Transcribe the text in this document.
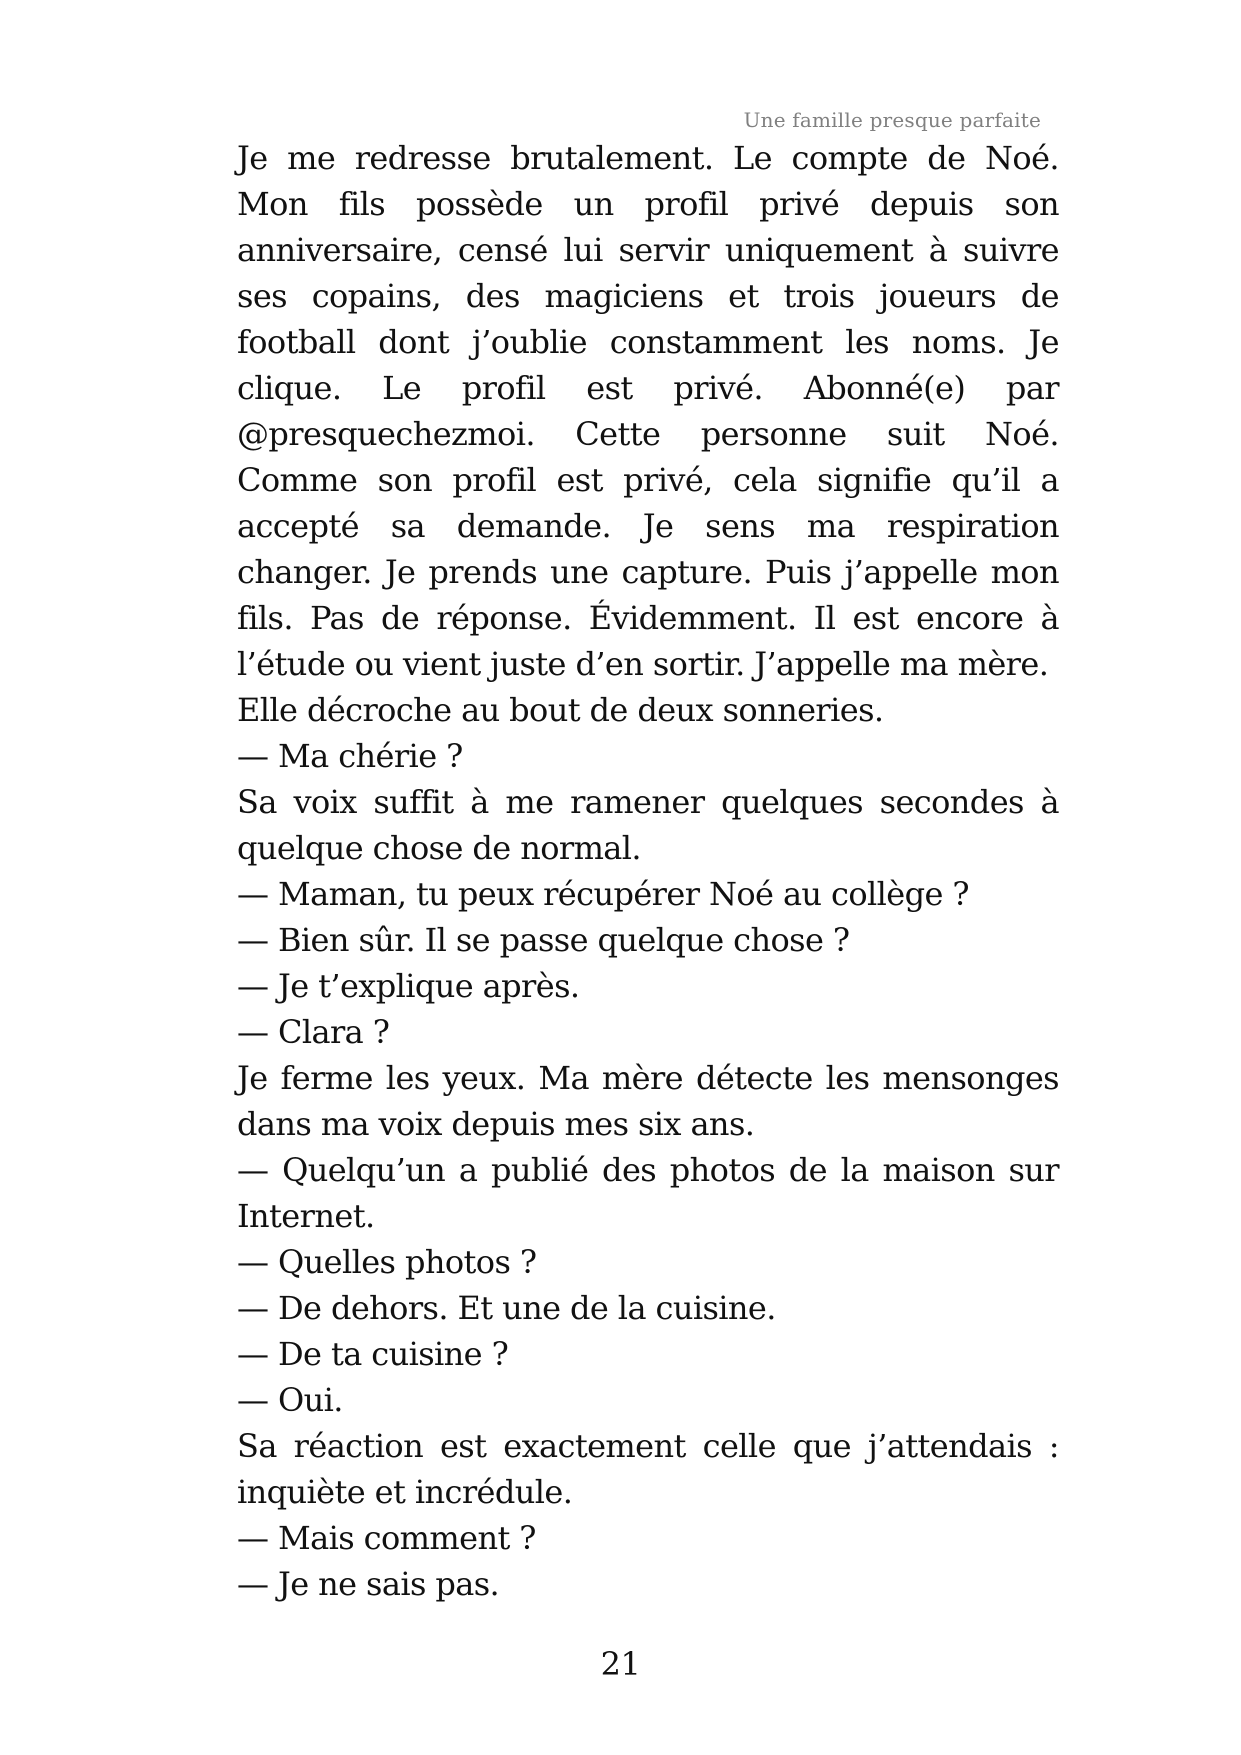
Une famille presque parfaite

Je me redresse brutalement. Le compte de Noé. Mon fils possède un profil privé depuis son anniversaire, censé lui servir uniquement à suivre ses copains, des magiciens et trois joueurs de football dont j’oublie constamment les noms. Je clique. Le profil est privé. Abonné(e) par @presquechezmoi. Cette personne suit Noé. Comme son profil est privé, cela signifie qu’il a accepté sa demande. Je sens ma respiration changer. Je prends une capture. Puis j’appelle mon fils. Pas de réponse. Évidemment. Il est encore à l’étude ou vient juste d’en sortir. J’appelle ma mère.

Elle décroche au bout de deux sonneries.

— Ma chérie ?

Sa voix suffit à me ramener quelques secondes à quelque chose de normal.

— Maman, tu peux récupérer Noé au collège ?

— Bien sûr. Il se passe quelque chose ?

— Je t’explique après.

— Clara ?

Je ferme les yeux. Ma mère détecte les mensonges dans ma voix depuis mes six ans.

— Quelqu’un a publié des photos de la maison sur Internet.

— Quelles photos ?

— De dehors. Et une de la cuisine.

— De ta cuisine ?

— Oui.

Sa réaction est exactement celle que j’attendais : inquiète et incrédule.

— Mais comment ?

— Je ne sais pas.

21
